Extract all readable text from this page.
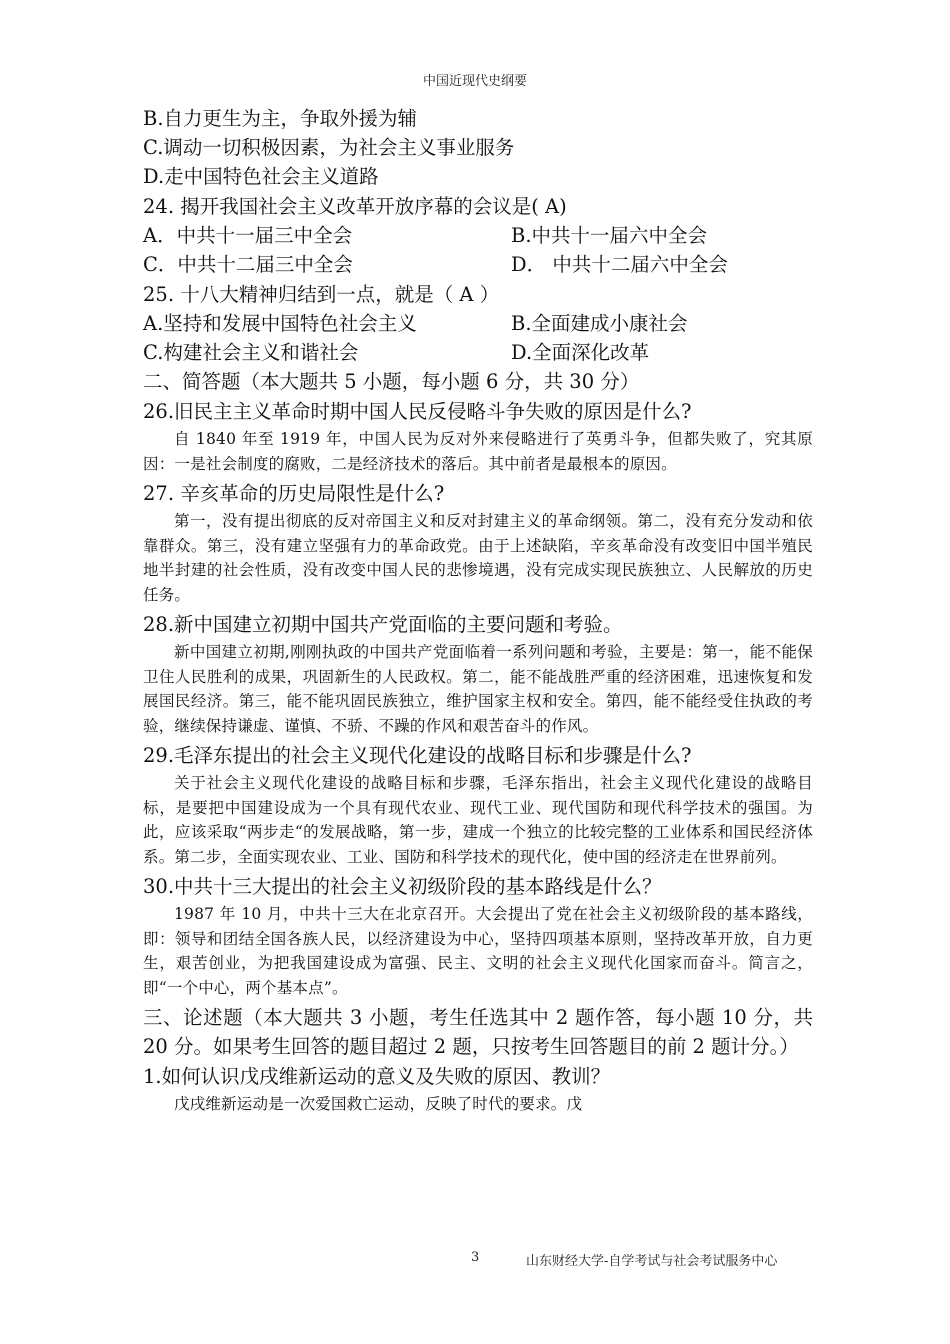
中国近现代史纲要
B.自力更生为主，争取外援为辅
C.调动一切积极因素，为社会主义事业服务
D.走中国特色社会主义道路
24. 揭开我国社会主义改革开放序幕的会议是( A)
A．中共十一届三中全会	B.中共十一届六中全会
C．中共十二届三中全会	D． 中共十二届六中全会
25. 十八大精神归结到一点，就是（ A ）
A.坚持和发展中国特色社会主义	B.全面建成小康社会
C.构建社会主义和谐社会	D.全面深化改革
二、简答题（本大题共 5 小题，每小题 6 分，共 30 分）
26.旧民主主义革命时期中国人民反侵略斗争失败的原因是什么?
自 1840 年至 1919 年，中国人民为反对外来侵略进行了英勇斗争，但都失败了，究其原因：一是社会制度的腐败，二是经济技术的落后。其中前者是最根本的原因。
27. 辛亥革命的历史局限性是什么?
第一，没有提出彻底的反对帝国主义和反对封建主义的革命纲领。第二，没有充分发动和依靠群众。第三，没有建立坚强有力的革命政党。由于上述缺陷，辛亥革命没有改变旧中国半殖民地半封建的社会性质，没有改变中国人民的悲惨境遇，没有完成实现民族独立、人民解放的历史任务。
28.新中国建立初期中国共产党面临的主要问题和考验。
新中国建立初期,刚刚执政的中国共产党面临着一系列问题和考验，主要是：第一，能不能保卫住人民胜利的成果，巩固新生的人民政权。第二，能不能战胜严重的经济困难，迅速恢复和发展国民经济。第三，能不能巩固民族独立，维护国家主权和安全。第四，能不能经受住执政的考验，继续保持谦虚、谨慎、不骄、不躁的作风和艰苦奋斗的作风。
29.毛泽东提出的社会主义现代化建设的战略目标和步骤是什么?
关于社会主义现代化建设的战略目标和步骤，毛泽东指出，社会主义现代化建设的战略目标，是要把中国建设成为一个具有现代农业、现代工业、现代国防和现代科学技术的强国。为此，应该采取“两步走“的发展战略，第一步，建成一个独立的比较完整的工业体系和国民经济体系。第二步，全面实现农业、工业、国防和科学技术的现代化，使中国的经济走在世界前列。
30.中共十三大提出的社会主义初级阶段的基本路线是什么？
1987 年 10 月，中共十三大在北京召开。大会提出了党在社会主义初级阶段的基本路线，即：领导和团结全国各族人民，以经济建设为中心，坚持四项基本原则，坚持改革开放，自力更生，艰苦创业，为把我国建设成为富强、民主、文明的社会主义现代化国家而奋斗。简言之，即“一个中心，两个基本点”。
三、论述题（本大题共 3 小题，考生任选其中 2 题作答，每小题 10 分，共 20 分。如果考生回答的题目超过 2 题，只按考生回答题目的前 2 题计分。）
1.如何认识戊戌维新运动的意义及失败的原因、教训？
戊戌维新运动是一次爱国救亡运动，反映了时代的要求。戊
3	山东财经大学-自学考试与社会考试服务中心
